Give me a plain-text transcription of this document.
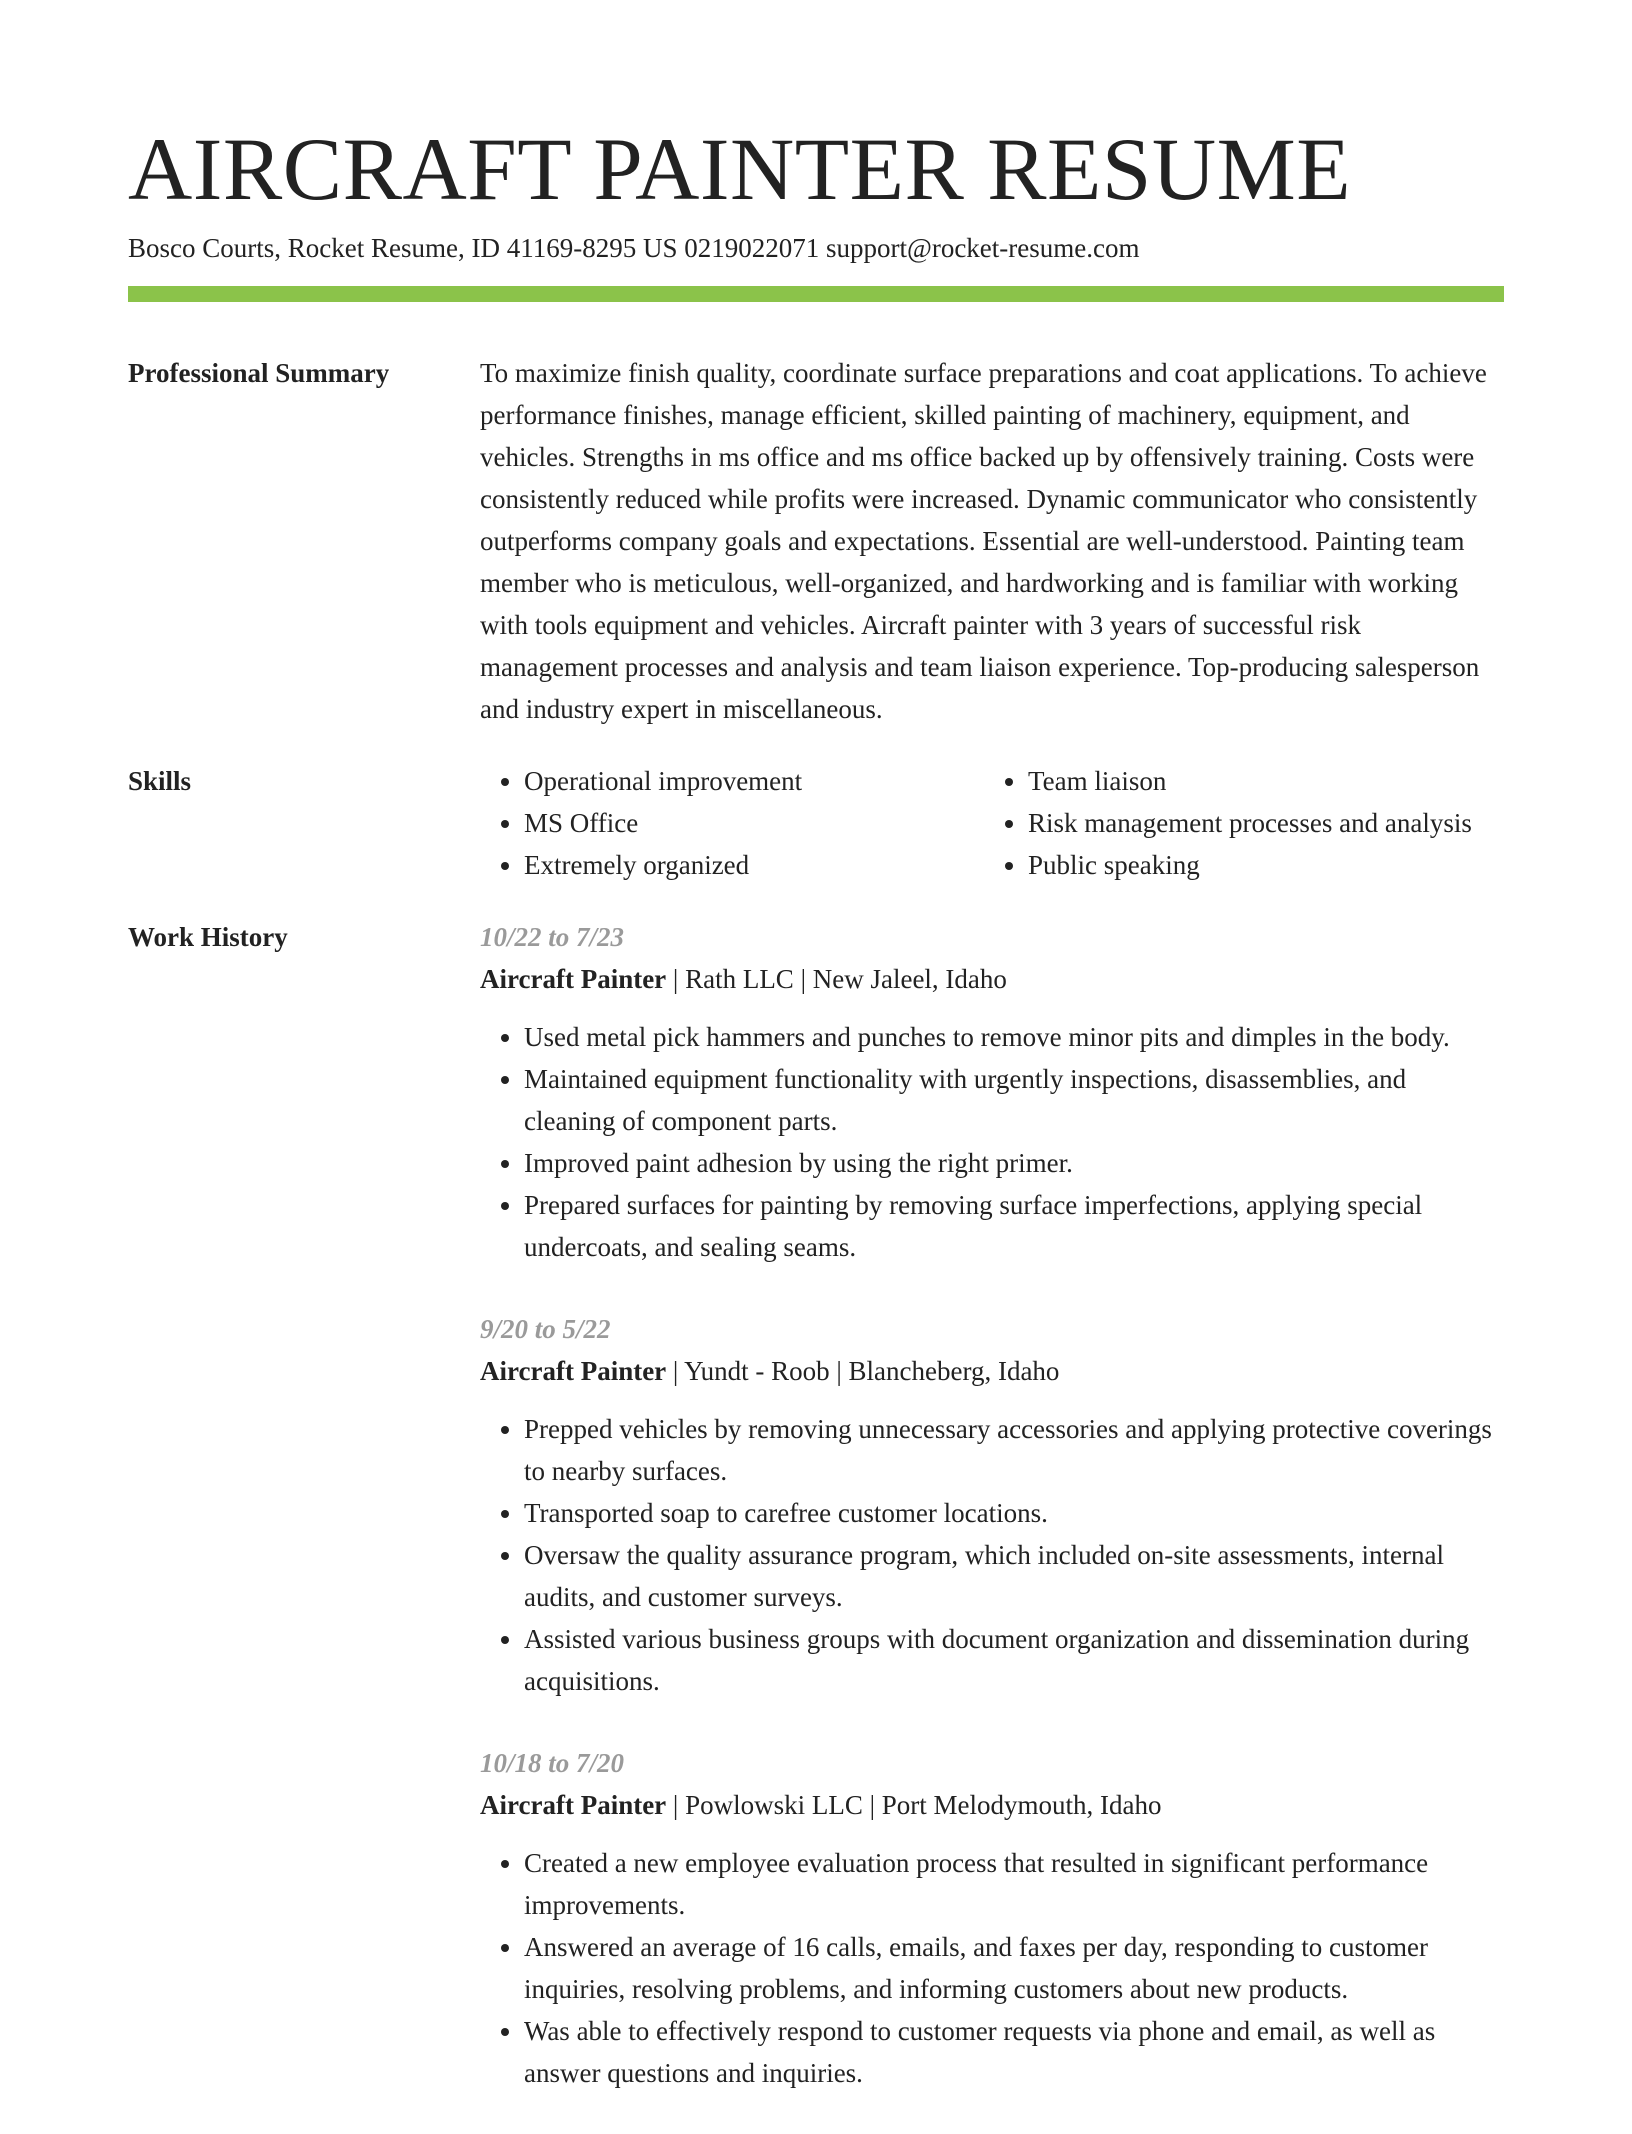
AIRCRAFT PAINTER RESUME
Bosco Courts, Rocket Resume, ID 41169-8295 US 0219022071 support@rocket-resume.com
Professional Summary	To maximize finish quality, coordinate surface preparations and coat applications. To achieve performance finishes, manage efficient, skilled painting of machinery, equipment, and vehicles. Strengths in ms office and ms office backed up by offensively training. Costs were consistently reduced while profits were increased. Dynamic communicator who consistently outperforms company goals and expectations. Essential are well-understood. Painting team member who is meticulous, well-organized, and hardworking and is familiar with working with tools equipment and vehicles. Aircraft painter with 3 years of successful risk management processes and analysis and team liaison experience. Top-producing salesperson and industry expert in miscellaneous.

Skills
•	Operational improvement
• MS Office
• Extremely organized
• Team liaison
• Risk management processes and analysis
• Public speaking
Work History	10/22 to 7/23
Aircraft Painter | Rath LLC | New Jaleel, Idaho
• Used metal pick hammers and punches to remove minor pits and dimples in the body.
• Maintained equipment functionality with urgently inspections, disassemblies, and cleaning of component parts.
• Improved paint adhesion by using the right primer.
• Prepared surfaces for painting by removing surface imperfections, applying special undercoats, and sealing seams.
9/20 to 5/22
Aircraft Painter | Yundt - Roob | Blancheberg, Idaho
• Prepped vehicles by removing unnecessary accessories and applying protective coverings to nearby surfaces.
• Transported soap to carefree customer locations.
• Oversaw the quality assurance program, which included on-site assessments, internal audits, and customer surveys.
• Assisted various business groups with document organization and dissemination during acquisitions.
10/18 to 7/20
Aircraft Painter | Powlowski LLC | Port Melodymouth, Idaho
• Created a new employee evaluation process that resulted in significant performance improvements.
• Answered an average of 16 calls, emails, and faxes per day, responding to customer inquiries, resolving problems, and informing customers about new products.
• Was able to effectively respond to customer requests via phone and email, as well as answer questions and inquiries.
